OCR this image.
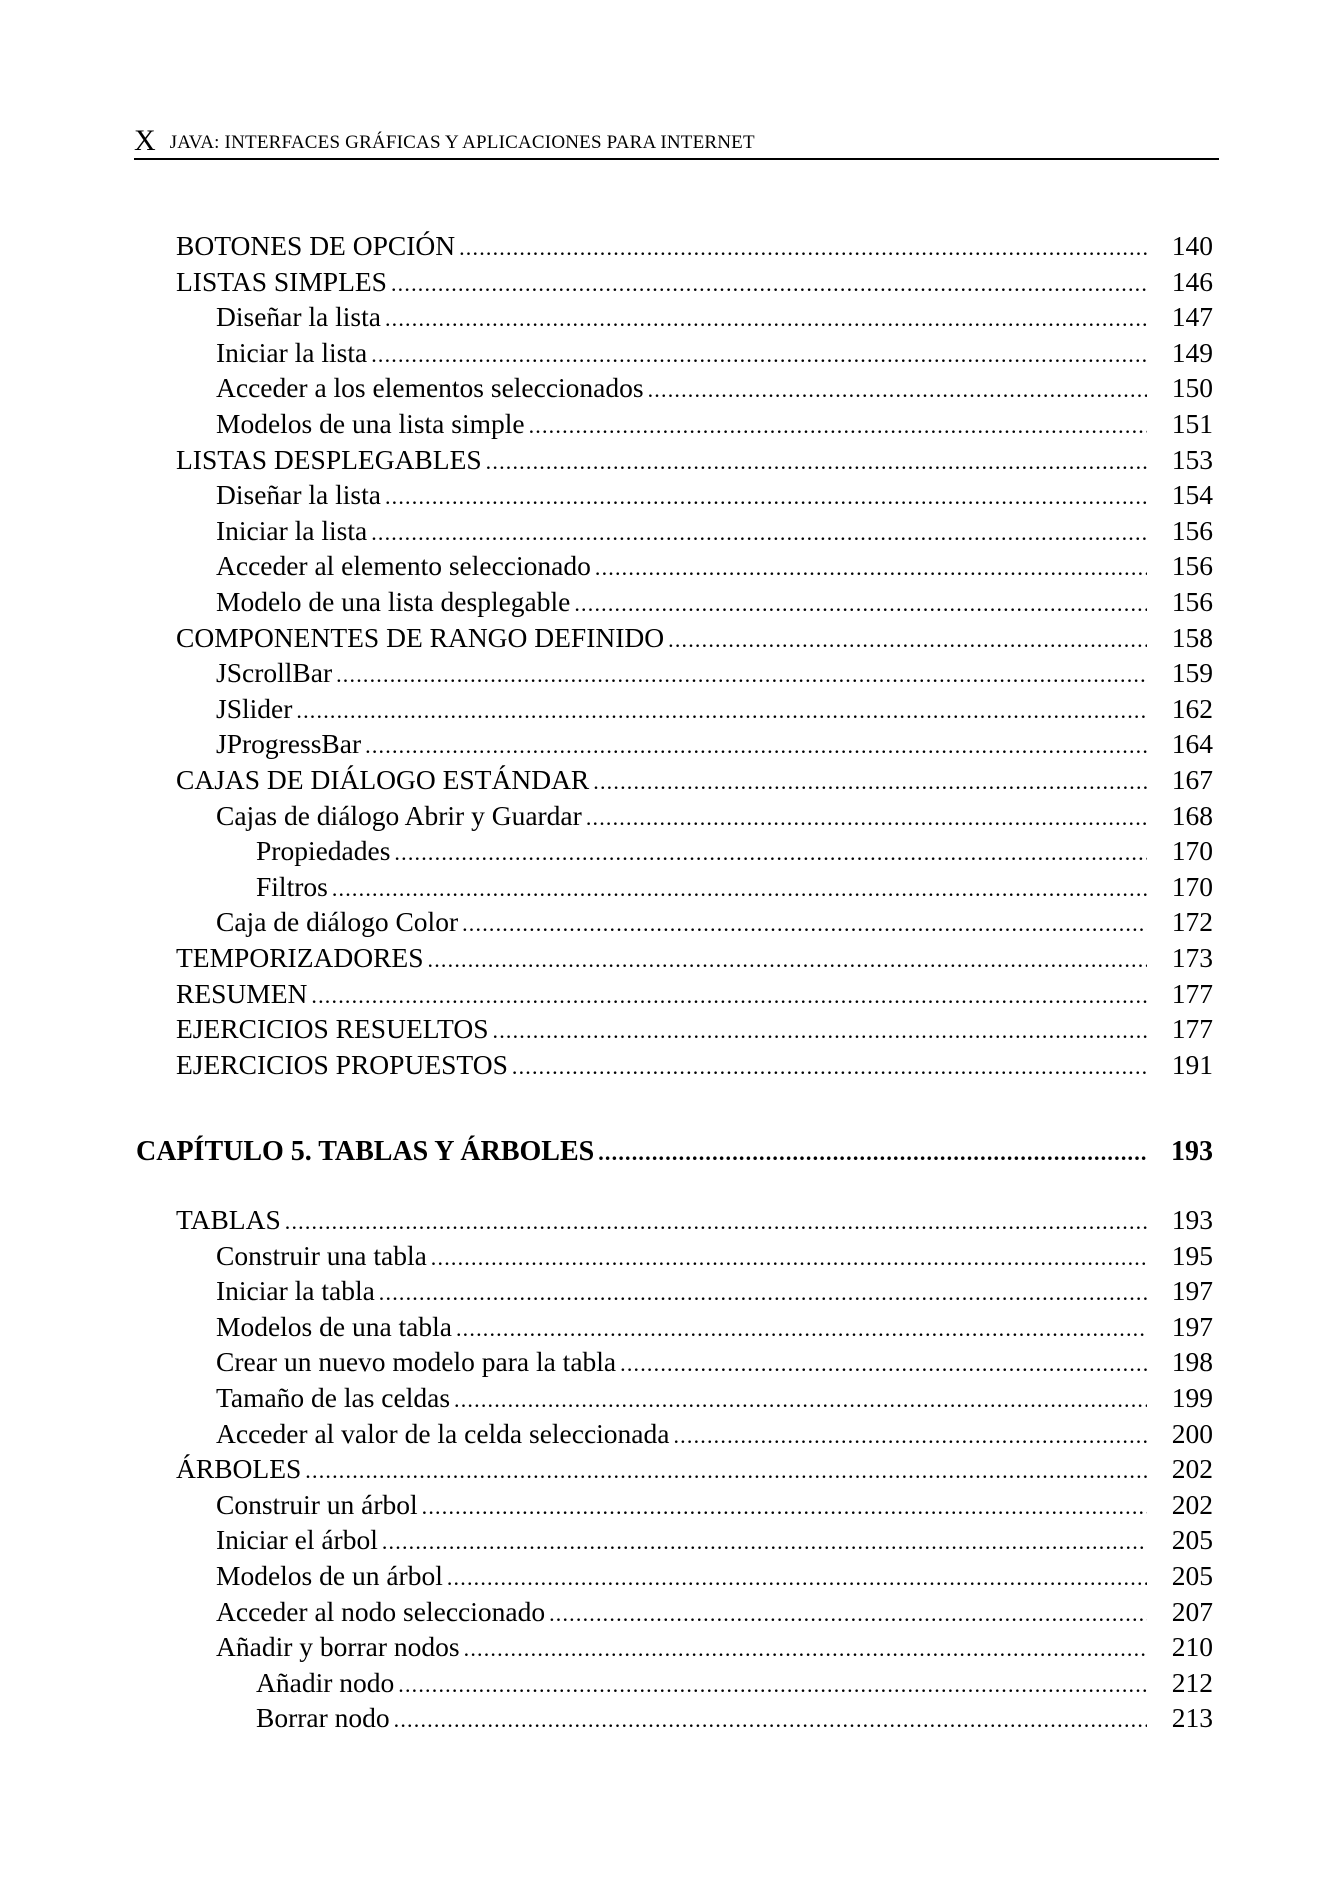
X JAVA: INTERFACES GRÁFICAS Y APLICACIONES PARA INTERNET
BOTONES DE OPCIÓN .....	140
LISTAS SIMPLES .....	146
Diseñar la lista .....	147
Iniciar la lista .....	149
Acceder a los elementos seleccionados .....	150
Modelos de una lista simple .....	151
LISTAS DESPLEGABLES .....	153
Diseñar la lista .....	154
Iniciar la lista .....	156
Acceder al elemento seleccionado .....	156
Modelo de una lista desplegable .....	156
COMPONENTES DE RANGO DEFINIDO .....	158
JScrollBar .....	159
JSlider .....	162
JProgressBar .....	164
CAJAS DE DIÁLOGO ESTÁNDAR .....	167
Cajas de diálogo Abrir y Guardar .....	168
Propiedades .....	170
Filtros .....	170
Caja de diálogo Color .....	172
TEMPORIZADORES .....	173
RESUMEN .....	177
EJERCICIOS RESUELTOS .....	177
EJERCICIOS PROPUESTOS .....	191
CAPÍTULO 5. TABLAS Y ÁRBOLES .....	193
TABLAS .....	193
Construir una tabla .....	195
Iniciar la tabla .....	197
Modelos de una tabla .....	197
Crear un nuevo modelo para la tabla .....	198
Tamaño de las celdas .....	199
Acceder al valor de la celda seleccionada .....	200
ÁRBOLES .....	202
Construir un árbol .....	202
Iniciar el árbol .....	205
Modelos de un árbol .....	205
Acceder al nodo seleccionado .....	207
Añadir y borrar nodos .....	210
Añadir nodo .....	212
Borrar nodo .....	213
